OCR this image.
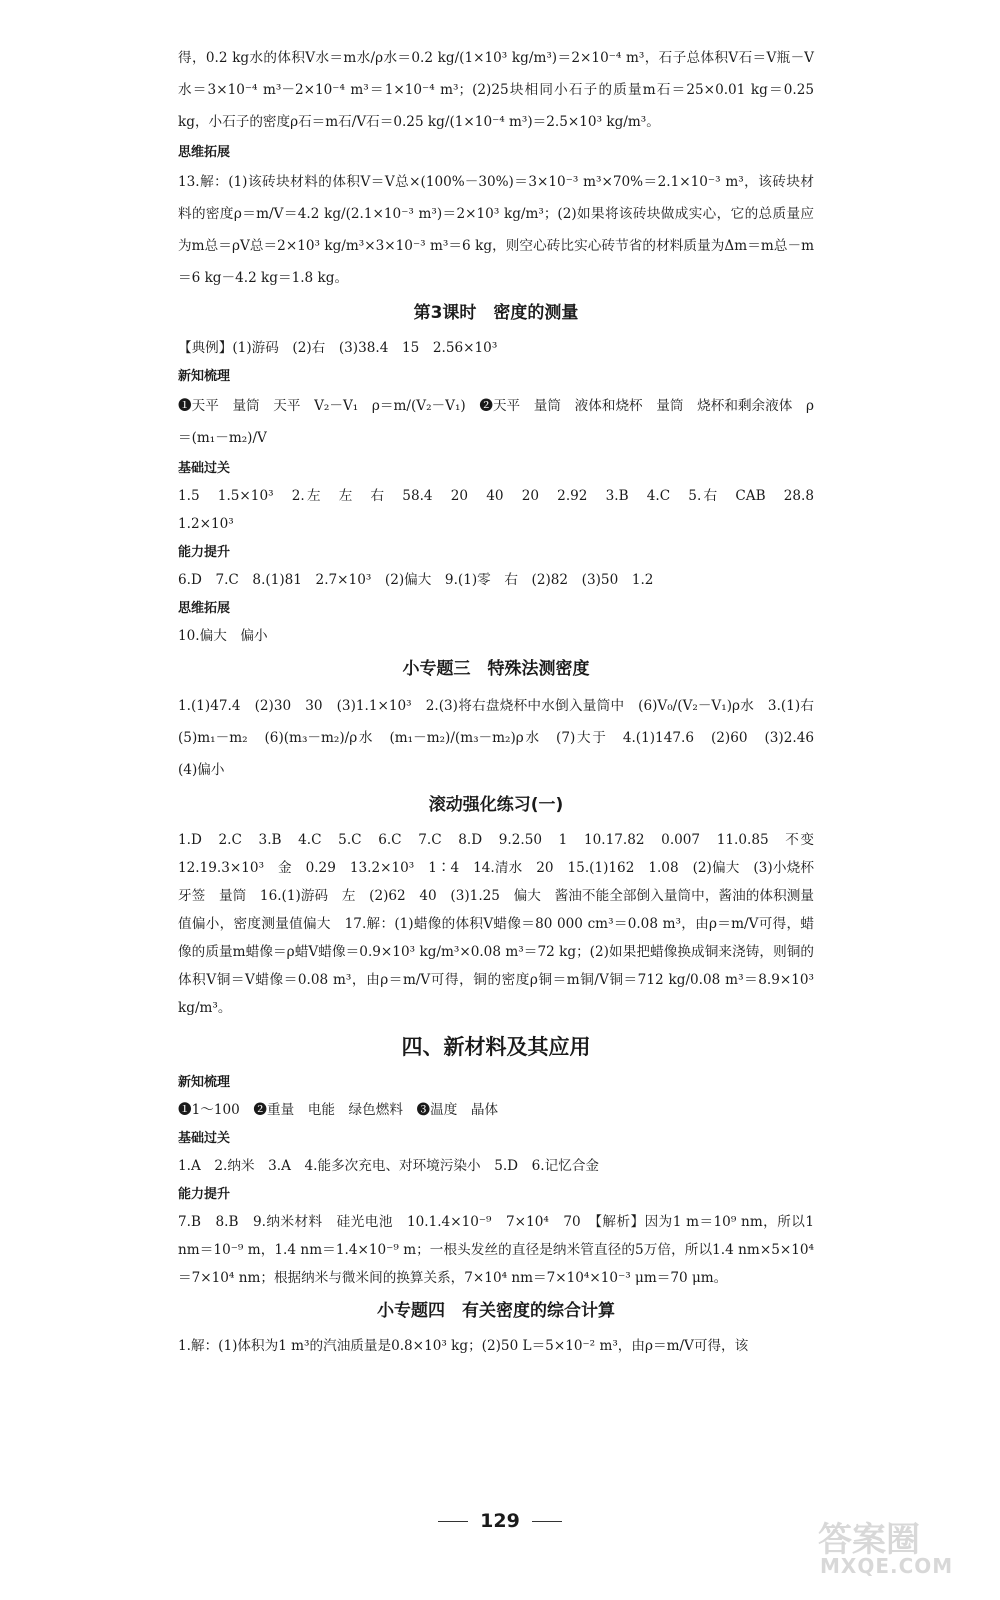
得，0.2 kg水的体积V水＝m水/ρ水＝0.2 kg/(1×10³ kg/m³)＝2×10⁻⁴ m³，石子总体积V石＝V瓶－V水＝3×10⁻⁴ m³－2×10⁻⁴ m³＝1×10⁻⁴ m³；(2)25块相同小石子的质量m石＝25×0.01 kg＝0.25 kg，小石子的密度ρ石＝m石/V石＝0.25 kg/(1×10⁻⁴ m³)＝2.5×10³ kg/m³。
思维拓展
13.解：(1)该砖块材料的体积V＝V总×(100%－30%)＝3×10⁻³ m³×70%＝2.1×10⁻³ m³，该砖块材料的密度ρ＝m/V＝4.2 kg/(2.1×10⁻³ m³)＝2×10³ kg/m³；(2)如果将该砖块做成实心，它的总质量应为m总＝ρV总＝2×10³ kg/m³×3×10⁻³ m³＝6 kg，则空心砖比实心砖节省的材料质量为Δm＝m总－m＝6 kg－4.2 kg＝1.8 kg。
第3课时　密度的测量
【典例】(1)游码　(2)右　(3)38.4　15　2.56×10³
新知梳理
❶天平　量筒　天平　V₂－V₁　ρ＝m/(V₂－V₁)　❷天平　量筒　液体和烧杯　量筒　烧杯和剩余液体　ρ＝(m₁－m₂)/V
基础过关
1.5　1.5×10³　2.左　左　右　58.4　20　40　20　2.92　3.B　4.C　5.右　CAB　28.8　1.2×10³
能力提升
6.D　7.C　8.(1)81　2.7×10³　(2)偏大　9.(1)零　右　(2)82　(3)50　1.2
思维拓展
10.偏大　偏小
小专题三　特殊法测密度
1.(1)47.4　(2)30　30　(3)1.1×10³　2.(3)将右盘烧杯中水倒入量筒中　(6)V₀/(V₂－V₁)ρ水　3.(1)右　(5)m₁－m₂　(6)(m₃－m₂)/ρ水　(m₁－m₂)/(m₃－m₂)ρ水　(7)大于　4.(1)147.6　(2)60　(3)2.46　(4)偏小
滚动强化练习(一)
1.D　2.C　3.B　4.C　5.C　6.C　7.C　8.D　9.2.50　1　10.17.82　0.007　11.0.85　不变　12.19.3×10³　金　0.29　13.2×10³　1∶4　14.清水　20　15.(1)162　1.08　(2)偏大　(3)小烧杯　牙签　量筒　16.(1)游码　左　(2)62　40　(3)1.25　偏大　酱油不能全部倒入量筒中，酱油的体积测量值偏小，密度测量值偏大　17.解：(1)蜡像的体积V蜡像＝80 000 cm³＝0.08 m³，由ρ＝m/V可得，蜡像的质量m蜡像＝ρ蜡V蜡像＝0.9×10³ kg/m³×0.08 m³＝72 kg；(2)如果把蜡像换成铜来浇铸，则铜的体积V铜＝V蜡像＝0.08 m³，由ρ＝m/V可得，铜的密度ρ铜＝m铜/V铜＝712 kg/0.08 m³＝8.9×10³ kg/m³。
四、新材料及其应用
新知梳理
❶1～100　❷重量　电能　绿色燃料　❸温度　晶体
基础过关
1.A　2.纳米　3.A　4.能多次充电、对环境污染小　5.D　6.记忆合金
能力提升
7.B　8.B　9.纳米材料　硅光电池　10.1.4×10⁻⁹　7×10⁴　70　【解析】因为1 m＝10⁹ nm，所以1 nm＝10⁻⁹ m，1.4 nm＝1.4×10⁻⁹ m；一根头发丝的直径是纳米管直径的5万倍，所以1.4 nm×5×10⁴＝7×10⁴ nm；根据纳米与微米间的换算关系，7×10⁴ nm＝7×10⁴×10⁻³ μm＝70 μm。
小专题四　有关密度的综合计算
1.解：(1)体积为1 m³的汽油质量是0.8×10³ kg；(2)50 L＝5×10⁻² m³，由ρ＝m/V可得，该
129	答案圈
MXQE.COM
